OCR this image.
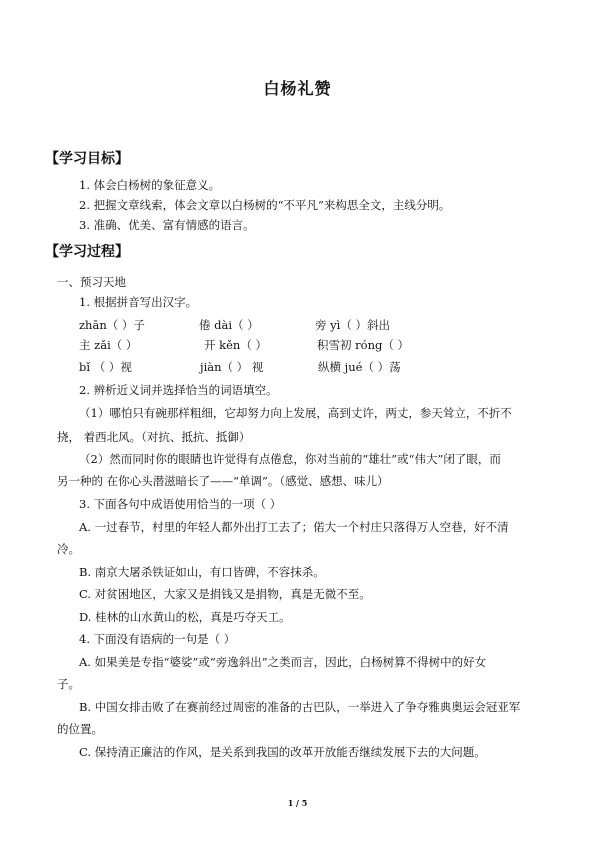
白杨礼赞
【学习目标】
1. 体会白杨树的象征意义。
2. 把握文章线索，体会文章以白杨树的“不平凡”来构思全文，主线分明。
3. 准确、优美、富有情感的语言。
【学习过程】
一、预习天地
1. 根据拼音写出汉字。
zhān（ ）子	倦 dài（ ）	旁 yì（ ）斜出
主 zǎi（ ）	开 kěn（ ）	积雪初 róng（ ）
bǐ （ ）视	jiàn（ ） 视	纵横 jué（ ）荡
2. 辨析近义词并选择恰当的词语填空。
（1）哪怕只有碗那样粗细，它却努力向上发展，高到丈许，两丈，参天耸立，不折不
挠， 着西北风。（对抗、抵抗、抵御）
（2）然而同时你的眼睛也许觉得有点倦怠，你对当前的“雄壮”或“伟大”闭了眼，而
另一种的 在你心头潜滋暗长了——“单调”。（感觉、感想、味儿）
3. 下面各句中成语使用恰当的一项（ ）
A. 一过春节，村里的年轻人都外出打工去了；偌大一个村庄只落得万人空巷，好不清
冷。
B. 南京大屠杀铁证如山，有口皆碑，不容抹杀。
C. 对贫困地区，大家又是捐钱又是捐物，真是无微不至。
D. 桂林的山水黄山的松，真是巧夺天工。
4. 下面没有语病的一句是（ ）
A. 如果美是专指“婆娑”或“旁逸斜出”之类而言，因此，白杨树算不得树中的好女
子。
B. 中国女排击败了在赛前经过周密的准备的古巴队，一举进入了争夺雅典奥运会冠亚军
的位置。
C. 保持清正廉洁的作风，是关系到我国的改革开放能否继续发展下去的大问题。
1 / 5
